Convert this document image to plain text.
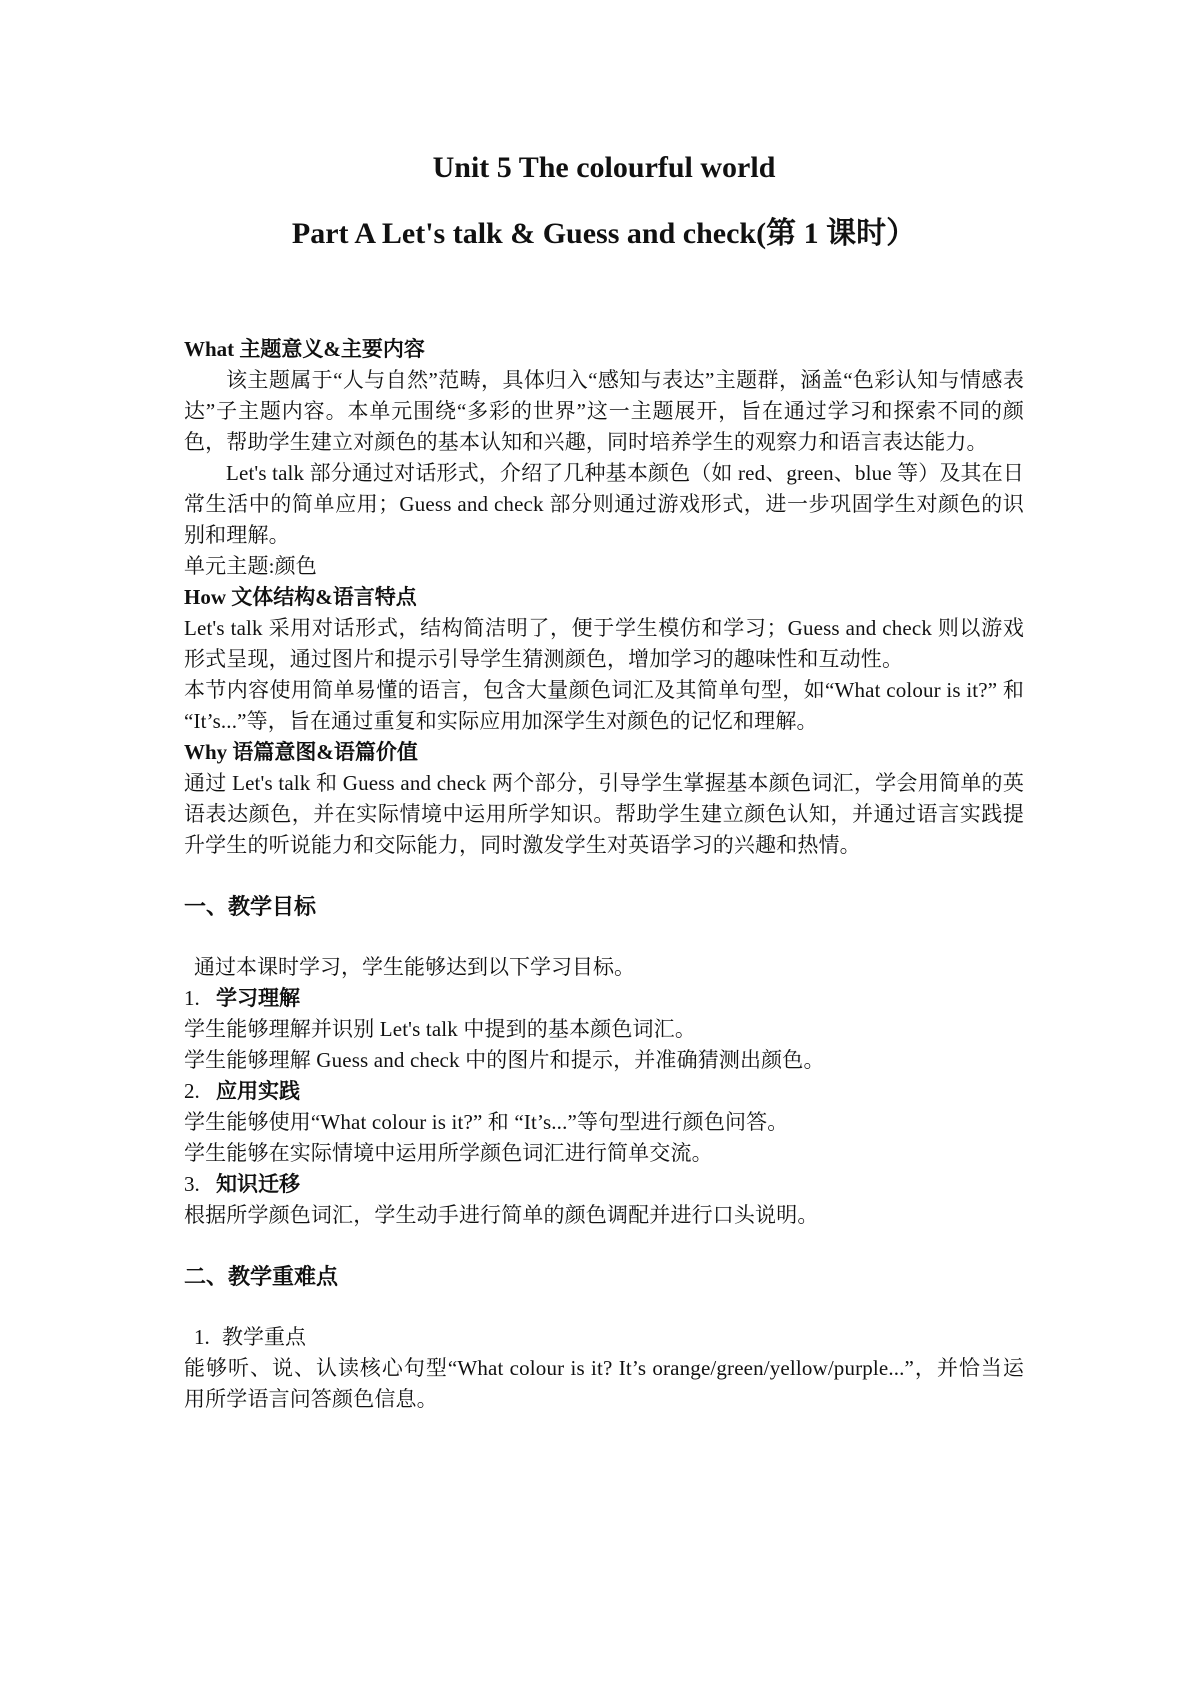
Unit 5 The colourful world
Part A Let's talk & Guess and check(第 1 课时）

What 主题意义&主要内容

该主题属于“人与自然”范畴，具体归入“感知与表达”主题群，涵盖“色彩认知与情感表达”子主题内容。本单元围绕“多彩的世界”这一主题展开，旨在通过学习和探索不同的颜色，帮助学生建立对颜色的基本认知和兴趣，同时培养学生的观察力和语言表达能力。

Let's talk 部分通过对话形式，介绍了几种基本颜色（如 red、green、blue 等）及其在日常生活中的简单应用；Guess and check 部分则通过游戏形式，进一步巩固学生对颜色的识别和理解。

单元主题:颜色

How 文体结构&语言特点

Let's talk 采用对话形式，结构简洁明了，便于学生模仿和学习；Guess and check 则以游戏形式呈现，通过图片和提示引导学生猜测颜色，增加学习的趣味性和互动性。

本节内容使用简单易懂的语言，包含大量颜色词汇及其简单句型，如“What colour is it?” 和 “It’s...”等，旨在通过重复和实际应用加深学生对颜色的记忆和理解。

Why 语篇意图&语篇价值

通过 Let's talk 和 Guess and check 两个部分，引导学生掌握基本颜色词汇，学会用简单的英语表达颜色，并在实际情境中运用所学知识。帮助学生建立颜色认知，并通过语言实践提升学生的听说能力和交际能力，同时激发学生对英语学习的兴趣和热情。

一、教学目标

通过本课时学习，学生能够达到以下学习目标。

1. 学习理解

学生能够理解并识别 Let's talk 中提到的基本颜色词汇。

学生能够理解 Guess and check 中的图片和提示，并准确猜测出颜色。

2. 应用实践

学生能够使用“What colour is it?” 和 “It’s...”等句型进行颜色问答。

学生能够在实际情境中运用所学颜色词汇进行简单交流。

3. 知识迁移

根据所学颜色词汇，学生动手进行简单的颜色调配并进行口头说明。

二、教学重难点

1. 教学重点

能够听、说、认读核心句型“What colour is it? It’s orange/green/yellow/purple...”，并恰当运用所学语言问答颜色信息。
